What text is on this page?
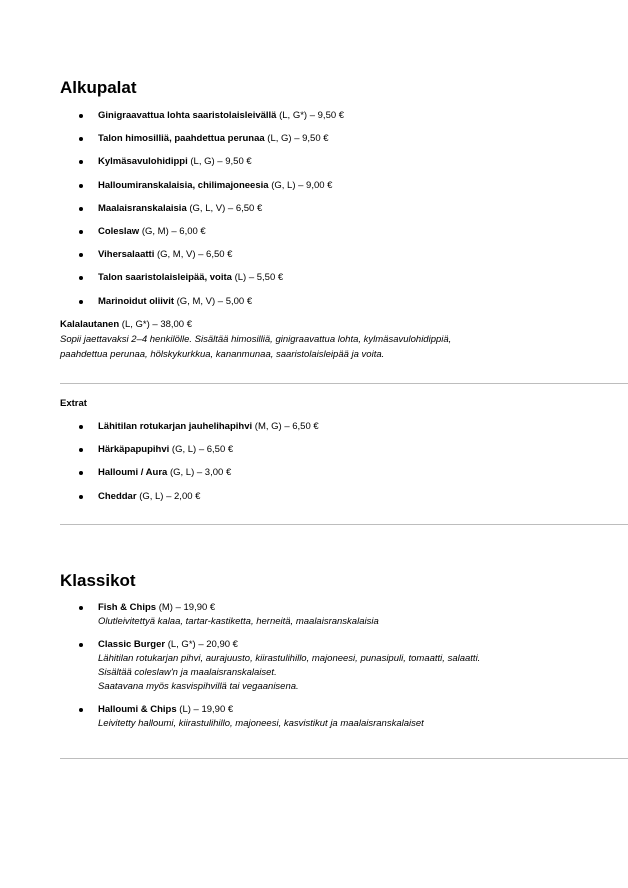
Alkupalat
Ginigraavattua lohta saaristolaisleivällä (L, G*) – 9,50 €
Talon himosilliä, paahdettua perunaa (L, G) – 9,50 €
Kylmäsavulohidippi (L, G) – 9,50 €
Halloumiranskalaisia, chilimajoneesia (G, L) – 9,00 €
Maalaisranskalaisia (G, L, V) – 6,50 €
Coleslaw (G, M) – 6,00 €
Vihersalaatti (G, M, V) – 6,50 €
Talon saaristolaisleipää, voita (L) – 5,50 €
Marinoidut oliivit (G, M, V) – 5,00 €

Kalalautanen (L, G*) – 38,00 €
Sopii jaettavaksi 2–4 henkilölle. Sisältää himosilliä, ginigraavattua lohta, kylmäsavulohidippiä,
paahdettua perunaa, hölskykurkkua, kananmunaa, saaristolaisleipää ja voita.

Extrat

Lähitilan rotukarjan jauhelihapihvi (M, G) – 6,50 €
Härkäpapupihvi (G, L) – 6,50 €
Halloumi / Aura (G, L) – 3,00 €
Cheddar (G, L) – 2,00 €
Klassikot
Fish & Chips (M) – 19,90 €
Olutleivitettyä kalaa, tartar-kastiketta, herneitä, maalaisranskalaisia
Classic Burger (L, G*) – 20,90 €
Lähitilan rotukarjan pihvi, aurajuusto, kiirastulihillo, majoneesi, punasipuli, tomaatti, salaatti.
Sisältää coleslaw'n ja maalaisranskalaiset.
Saatavana myös kasvispihvillä tai vegaanisena.
Halloumi & Chips (L) – 19,90 €
Leivitetty halloumi, kiirastulihillo, majoneesi, kasvistikut ja maalaisranskalaiset
